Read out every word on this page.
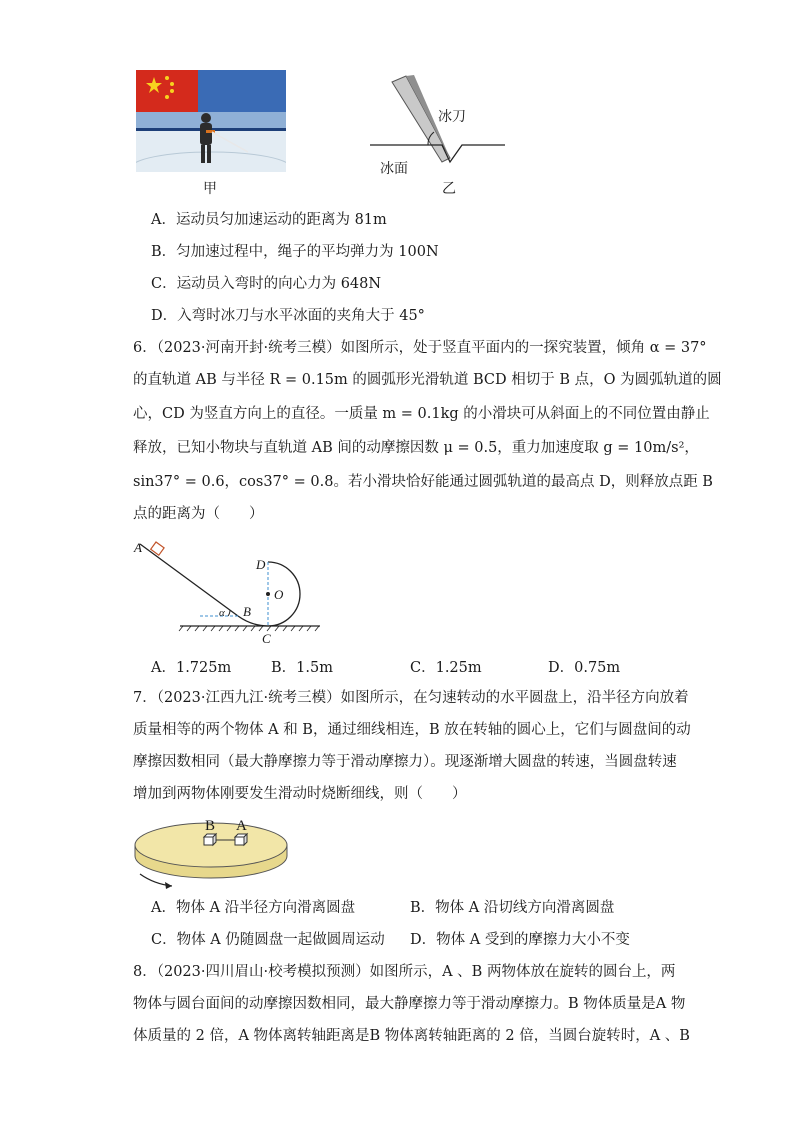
甲
冰刀
冰面
乙
A．运动员匀加速运动的距离为 81m
B．匀加速过程中，绳子的平均弹力为 100N
C．运动员入弯时的向心力为 648N
D．入弯时冰刀与水平冰面的夹角大于 45°
6．（2023·河南开封·统考三模）如图所示，处于竖直平面内的一探究装置，倾角 α = 37°
的直轨道 AB 与半径 R = 0.15m 的圆弧形光滑轨道 BCD 相切于 B 点，O 为圆弧轨道的圆
心，CD 为竖直方向上的直径。一质量 m = 0.1kg 的小滑块可从斜面上的不同位置由静止
释放，已知小物块与直轨道 AB 间的动摩擦因数 μ = 0.5，重力加速度取 g = 10m/s²，
sin37° = 0.6，cos37° = 0.8。若小滑块恰好能通过圆弧轨道的最高点 D，则释放点距 B
点的距离为（　　）
A
D
O
α B
C
A．1.725m	B．1.5m	C．1.25m	D．0.75m
7．（2023·江西九江·统考三模）如图所示，在匀速转动的水平圆盘上，沿半径方向放着
质量相等的两个物体 A 和 B，通过细线相连，B 放在转轴的圆心上，它们与圆盘间的动
摩擦因数相同（最大静摩擦力等于滑动摩擦力）。现逐渐增大圆盘的转速，当圆盘转速
增加到两物体刚要发生滑动时烧断细线，则（　　）
B A
A．物体 A 沿半径方向滑离圆盘	B．物体 A 沿切线方向滑离圆盘
C．物体 A 仍随圆盘一起做圆周运动 D．物体 A 受到的摩擦力大小不变
8．（2023·四川眉山·校考模拟预测）如图所示，A 、B 两物体放在旋转的圆台上，两
物体与圆台面间的动摩擦因数相同，最大静摩擦力等于滑动摩擦力。B 物体质量是A 物
体质量的 2 倍，A 物体离转轴距离是B 物体离转轴距离的 2 倍，当圆台旋转时，A 、B
